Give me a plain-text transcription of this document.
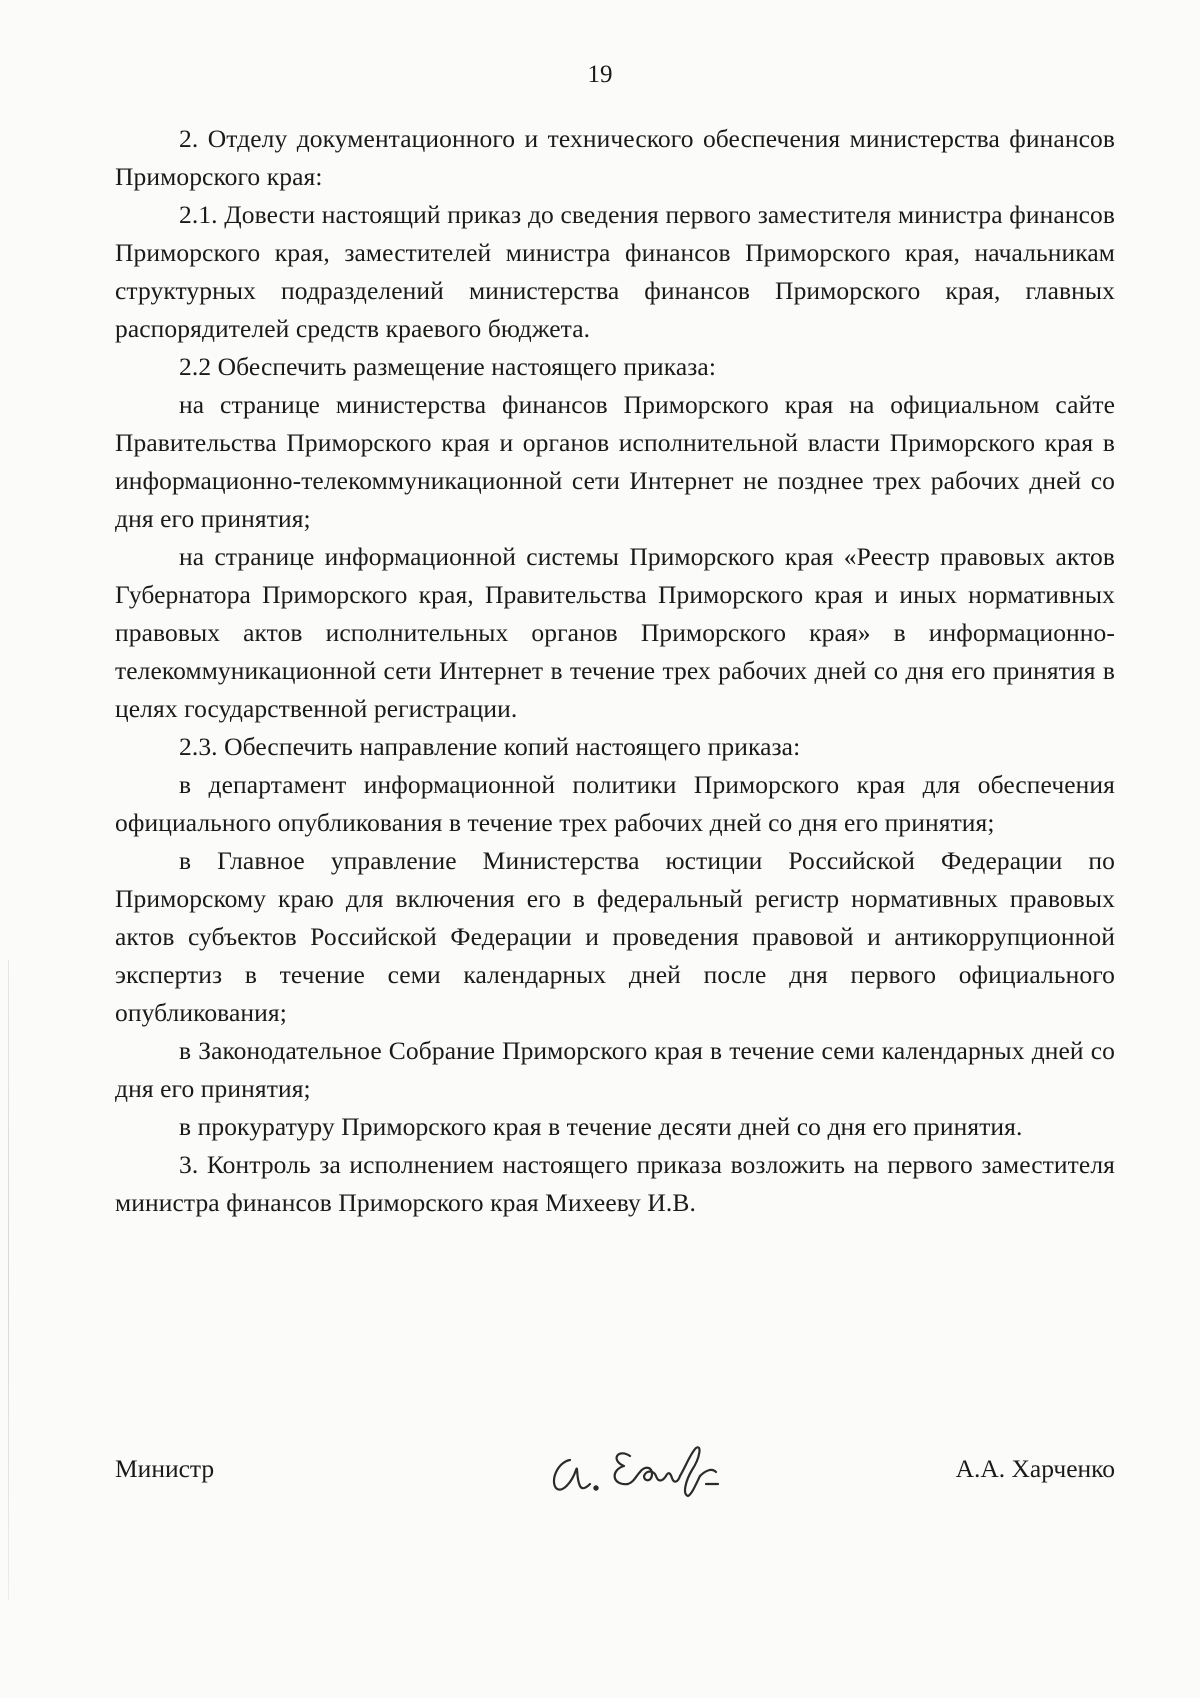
19

2. Отделу документационного и технического обеспечения министерства финансов Приморского края:

2.1. Довести настоящий приказ до сведения первого заместителя министра финансов Приморского края, заместителей министра финансов Приморского края, начальникам структурных подразделений министерства финансов Приморского края, главных распорядителей средств краевого бюджета.

2.2 Обеспечить размещение настоящего приказа:

на странице министерства финансов Приморского края на официальном сайте Правительства Приморского края и органов исполнительной власти Приморского края в информационно-телекоммуникационной сети Интернет не позднее трех рабочих дней со дня его принятия;

на странице информационной системы Приморского края «Реестр правовых актов Губернатора Приморского края, Правительства Приморского края и иных нормативных правовых актов исполнительных органов Приморского края» в информационно-телекоммуникационной сети Интернет в течение трех рабочих дней со дня его принятия в целях государственной регистрации.

2.3. Обеспечить направление копий настоящего приказа:

в департамент информационной политики Приморского края для обеспечения официального опубликования в течение трех рабочих дней со дня его принятия;

в Главное управление Министерства юстиции Российской Федерации по Приморскому краю для включения его в федеральный регистр нормативных правовых актов субъектов Российской Федерации и проведения правовой и антикоррупционной экспертиз в течение семи календарных дней после дня первого официального опубликования;

в Законодательное Собрание Приморского края в течение семи календарных дней со дня его принятия;

в прокуратуру Приморского края в течение десяти дней со дня его принятия.

3. Контроль за исполнением настоящего приказа возложить на первого заместителя министра финансов Приморского края Михееву И.В.

Министр	А.А. Харченко
